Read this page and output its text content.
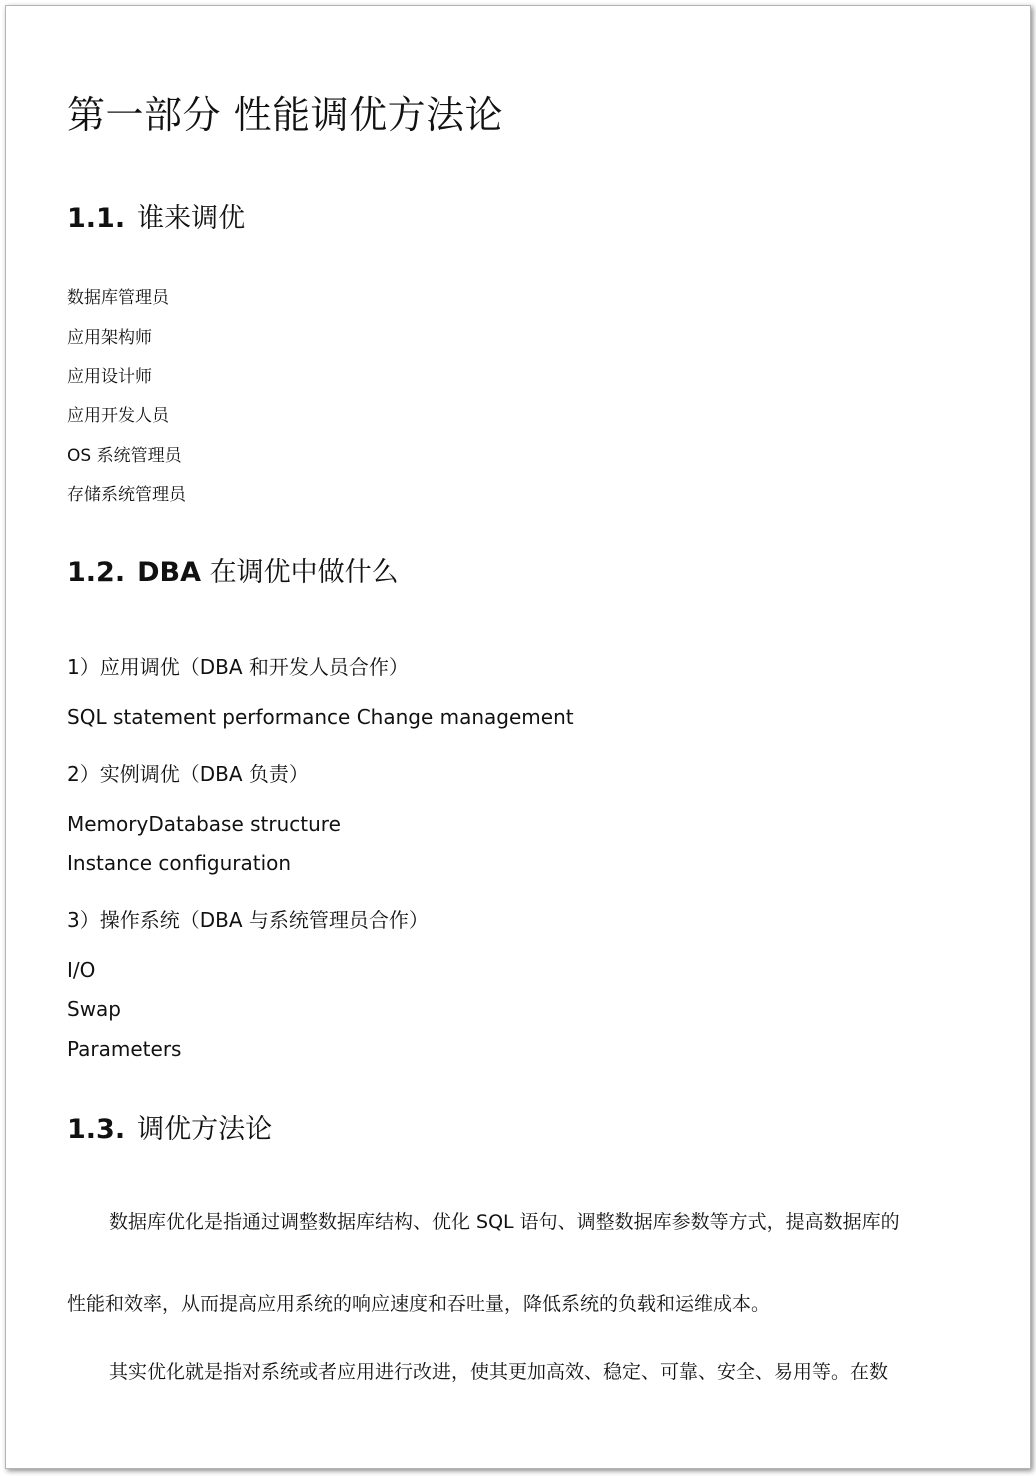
第一部分 性能调优方法论
1.1. 谁来调优
数据库管理员
应用架构师
应用设计师
应用开发人员
OS 系统管理员
存储系统管理员
1.2. DBA 在调优中做什么
1）应用调优（DBA 和开发人员合作）
SQL statement performance Change management
2）实例调优（DBA 负责）
MemoryDatabase structure
Instance configuration
3）操作系统（DBA 与系统管理员合作）
I/O
Swap
Parameters
1.3. 调优方法论
数据库优化是指通过调整数据库结构、优化 SQL 语句、调整数据库参数等方式，提高数据库的
性能和效率，从而提高应用系统的响应速度和吞吐量，降低系统的负载和运维成本。
其实优化就是指对系统或者应用进行改进，使其更加高效、稳定、可靠、安全、易用等。在数
